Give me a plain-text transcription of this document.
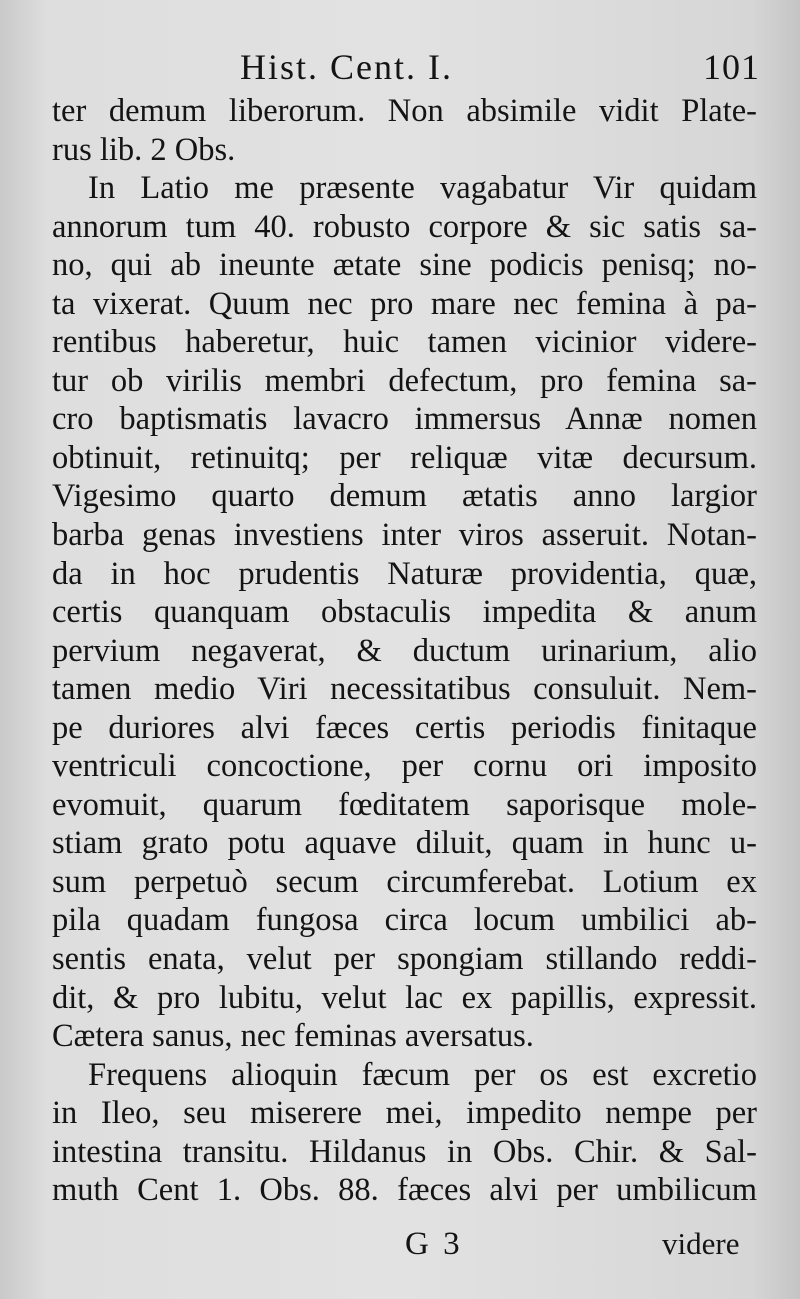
Hist. Cent. I.	101
ter demum liberorum. Non absimile vidit Plate-
rus lib. 2 Obs.
In Latio me præsente vagabatur Vir quidam
annorum tum 40. robusto corpore & sic satis sa-
no, qui ab ineunte ætate sine podicis penisq; no-
ta vixerat. Quum nec pro mare nec femina à pa-
rentibus haberetur, huic tamen vicinior videre-
tur ob virilis membri defectum, pro femina sa-
cro baptismatis lavacro immersus Annæ nomen
obtinuit, retinuitq; per reliquæ vitæ decursum.
Vigesimo quarto demum ætatis anno largior
barba genas investiens inter viros asseruit. Notan-
da in hoc prudentis Naturæ providentia, quæ,
certis quanquam obstaculis impedita & anum
pervium negaverat, & ductum urinarium, alio
tamen medio Viri necessitatibus consuluit. Nem-
pe duriores alvi fæces certis periodis finitaque
ventriculi concoctione, per cornu ori imposito
evomuit, quarum fœditatem saporisque mole-
stiam grato potu aquave diluit, quam in hunc u-
sum perpetuò secum circumferebat. Lotium ex
pila quadam fungosa circa locum umbilici ab-
sentis enata, velut per spongiam stillando reddi-
dit, & pro lubitu, velut lac ex papillis, expressit.
Cætera sanus, nec feminas aversatus.
Frequens alioquin fæcum per os est excretio
in Ileo, seu miserere mei, impedito nempe per
intestina transitu. Hildanus in Obs. Chir. & Sal-
muth Cent 1. Obs. 88. fæces alvi per umbilicum
G 3	videre
